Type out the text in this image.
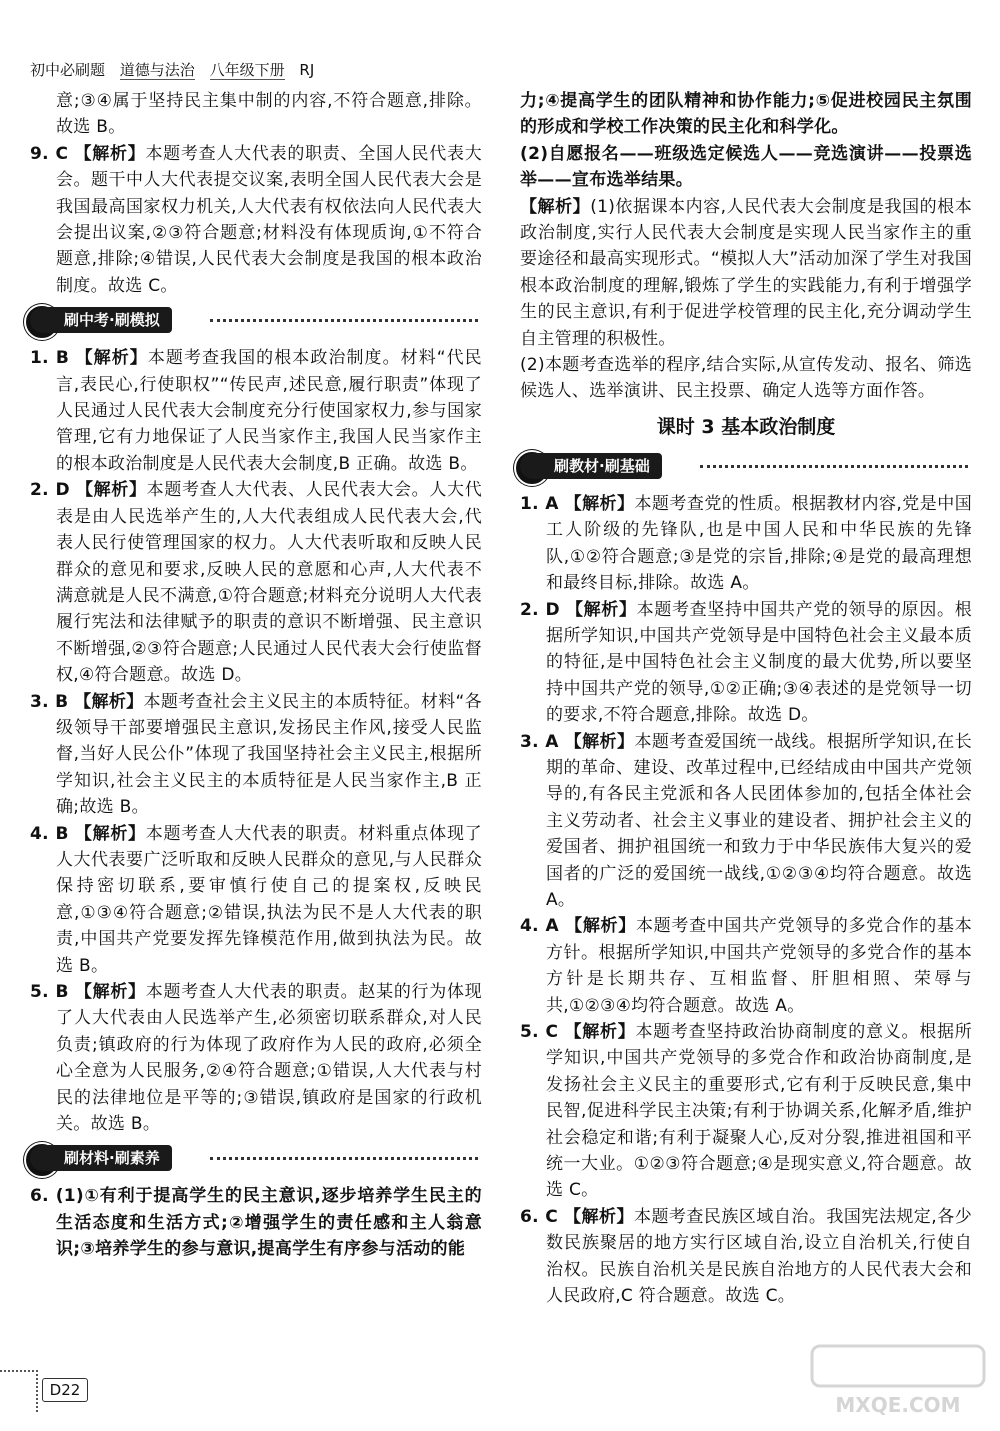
初中必刷题 道德与法治 八年级下册 RJ

意;③④属于坚持民主集中制的内容,不符合题意,排除。故选 B。

9. C 【解析】本题考查人大代表的职责、全国人民代表大会。题干中人大代表提交议案,表明全国人民代表大会是我国最高国家权力机关,人大代表有权依法向人民代表大会提出议案,②③符合题意;材料没有体现质询,①不符合题意,排除;④错误,人民代表大会制度是我国的根本政治制度。故选 C。

刷中考·刷模拟

1. B 【解析】本题考查我国的根本政治制度。材料“代民言,表民心,行使职权”“传民声,述民意,履行职责”体现了人民通过人民代表大会制度充分行使国家权力,参与国家管理,它有力地保证了人民当家作主,我国人民当家作主的根本政治制度是人民代表大会制度,B 正确。故选 B。

2. D 【解析】本题考查人大代表、人民代表大会。人大代表是由人民选举产生的,人大代表组成人民代表大会,代表人民行使管理国家的权力。人大代表听取和反映人民群众的意见和要求,反映人民的意愿和心声,人大代表不满意就是人民不满意,①符合题意;材料充分说明人大代表履行宪法和法律赋予的职责的意识不断增强、民主意识不断增强,②③符合题意;人民通过人民代表大会行使监督权,④符合题意。故选 D。

3. B 【解析】本题考查社会主义民主的本质特征。材料“各级领导干部要增强民主意识,发扬民主作风,接受人民监督,当好人民公仆”体现了我国坚持社会主义民主,根据所学知识,社会主义民主的本质特征是人民当家作主,B 正确;故选 B。

4. B 【解析】本题考查人大代表的职责。材料重点体现了人大代表要广泛听取和反映人民群众的意见,与人民群众保持密切联系,要审慎行使自己的提案权,反映民意,①③④符合题意;②错误,执法为民不是人大代表的职责,中国共产党要发挥先锋模范作用,做到执法为民。故选 B。

5. B 【解析】本题考查人大代表的职责。赵某的行为体现了人大代表由人民选举产生,必须密切联系群众,对人民负责;镇政府的行为体现了政府作为人民的政府,必须全心全意为人民服务,②④符合题意;①错误,人大代表与村民的法律地位是平等的;③错误,镇政府是国家的行政机关。故选 B。

刷材料·刷素养

6. (1)①有利于提高学生的民主意识,逐步培养学生民主的生活态度和生活方式;②增强学生的责任感和主人翁意识;③培养学生的参与意识,提高学生有序参与活动的能

力;④提高学生的团队精神和协作能力;⑤促进校园民主氛围的形成和学校工作决策的民主化和科学化。

(2)自愿报名——班级选定候选人——竞选演讲——投票选举——宣布选举结果。

【解析】(1)依据课本内容,人民代表大会制度是我国的根本政治制度,实行人民代表大会制度是实现人民当家作主的重要途径和最高实现形式。“模拟人大”活动加深了学生对我国根本政治制度的理解,锻炼了学生的实践能力,有利于增强学生的民主意识,有利于促进学校管理的民主化,充分调动学生自主管理的积极性。

(2)本题考查选举的程序,结合实际,从宣传发动、报名、筛选候选人、选举演讲、民主投票、确定人选等方面作答。

课时 3 基本政治制度
刷教材·刷基础

1. A 【解析】本题考查党的性质。根据教材内容,党是中国工人阶级的先锋队,也是中国人民和中华民族的先锋队,①②符合题意;③是党的宗旨,排除;④是党的最高理想和最终目标,排除。故选 A。

2. D 【解析】本题考查坚持中国共产党的领导的原因。根据所学知识,中国共产党领导是中国特色社会主义最本质的特征,是中国特色社会主义制度的最大优势,所以要坚持中国共产党的领导,①②正确;③④表述的是党领导一切的要求,不符合题意,排除。故选 D。

3. A 【解析】本题考查爱国统一战线。根据所学知识,在长期的革命、建设、改革过程中,已经结成由中国共产党领导的,有各民主党派和各人民团体参加的,包括全体社会主义劳动者、社会主义事业的建设者、拥护社会主义的爱国者、拥护祖国统一和致力于中华民族伟大复兴的爱国者的广泛的爱国统一战线,①②③④均符合题意。故选 A。

4. A 【解析】本题考查中国共产党领导的多党合作的基本方针。根据所学知识,中国共产党领导的多党合作的基本方针是长期共存、互相监督、肝胆相照、荣辱与共,①②③④均符合题意。故选 A。

5. C 【解析】本题考查坚持政治协商制度的意义。根据所学知识,中国共产党领导的多党合作和政治协商制度,是发扬社会主义民主的重要形式,它有利于反映民意,集中民智,促进科学民主决策;有利于协调关系,化解矛盾,维护社会稳定和谐;有利于凝聚人心,反对分裂,推进祖国和平统一大业。①②③符合题意;④是现实意义,符合题意。故选 C。

6. C 【解析】本题考查民族区域自治。我国宪法规定,各少数民族聚居的地方实行区域自治,设立自治机关,行使自治权。民族自治机关是民族自治地方的人民代表大会和人民政府,C 符合题意。故选 C。

D22
MXQE.COM
